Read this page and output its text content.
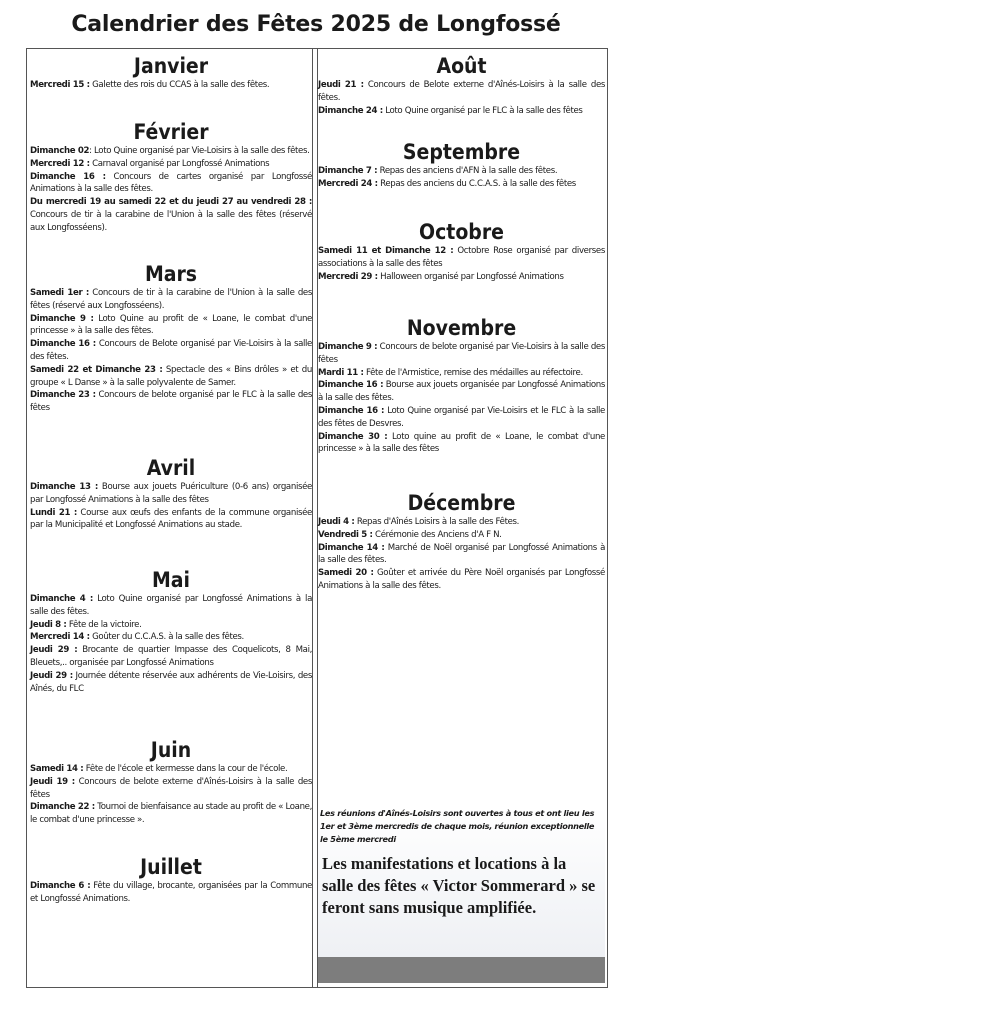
Calendrier des Fêtes 2025 de Longfossé
Janvier

Mercredi 15 : Galette des rois du CCAS à la salle des fêtes.

Février

Dimanche 02: Loto Quine organisé par Vie-Loisirs à la salle des fêtes.

Mercredi 12 : Carnaval organisé par Longfossé Animations

Dimanche 16 : Concours de cartes organisé par Longfossé Animations à la salle des fêtes.

Du mercredi 19 au samedi 22 et du jeudi 27 au vendredi 28 : Concours de tir à la carabine de l'Union à la salle des fêtes (réservé aux Longfosséens).

Mars

Samedi 1er : Concours de tir à la carabine de l'Union à la salle des fêtes (réservé aux Longfosséens).

Dimanche 9 : Loto Quine au profit de « Loane, le combat d'une princesse » à la salle des fêtes.

Dimanche 16 : Concours de Belote organisé par Vie-Loisirs à la salle des fêtes.

Samedi 22 et Dimanche 23 : Spectacle des « Bins drôles » et du groupe « L Danse » à la salle polyvalente de Samer.

Dimanche 23 : Concours de belote organisé par le FLC à la salle des fêtes

Avril

Dimanche 13 : Bourse aux jouets Puériculture (0-6 ans) organisée par Longfossé Animations à la salle des fêtes

Lundi 21 : Course aux œufs des enfants de la commune organisée par la Municipalité et Longfossé Animations au stade.

Mai

Dimanche 4 : Loto Quine organisé par Longfossé Animations à la salle des fêtes.

Jeudi 8 : Fête de la victoire.

Mercredi 14 : Goûter du C.C.A.S. à la salle des fêtes.

Jeudi 29 : Brocante de quartier Impasse des Coquelicots, 8 Mai, Bleuets,.. organisée par Longfossé Animations

Jeudi 29 : Journée détente réservée aux adhérents de Vie-Loisirs, des Aînés, du FLC

Juin

Samedi 14 : Fête de l'école et kermesse dans la cour de l'école.

Jeudi 19 : Concours de belote externe d'Aînés-Loisirs à la salle des fêtes

Dimanche 22 : Tournoi de bienfaisance au stade au profit de « Loane, le combat d'une princesse ».

Juillet

Dimanche 6 : Fête du village, brocante, organisées par la Commune et Longfossé Animations.

Les réunions d'Aînés-Loisirs sont ouvertes à tous et ont lieu les 1er et 3ème mercredis de chaque mois, réunion exceptionnelle le 5ème mercredi
Les manifestations et locations à la salle des fêtes « Victor Sommerard » se feront sans musique amplifiée.
Août

Jeudi 21 : Concours de Belote externe d'Aînés-Loisirs à la salle des fêtes.

Dimanche 24 : Loto Quine organisé par le FLC à la salle des fêtes

Septembre

Dimanche 7 : Repas des anciens d'AFN à la salle des fêtes.

Mercredi 24 : Repas des anciens du C.C.A.S. à la salle des fêtes

Octobre

Samedi 11 et Dimanche 12 : Octobre Rose organisé par diverses associations à la salle des fêtes

Mercredi 29 : Halloween organisé par Longfossé Animations

Novembre

Dimanche 9 : Concours de belote organisé par Vie-Loisirs à la salle des fêtes

Mardi 11 : Fête de l'Armistice, remise des médailles au réfectoire.

Dimanche 16 : Bourse aux jouets organisée par Longfossé Animations à la salle des fêtes.

Dimanche 16 : Loto Quine organisé par Vie-Loisirs et le FLC à la salle des fêtes de Desvres.

Dimanche 30 : Loto quine au profit de « Loane, le combat d'une princesse » à la salle des fêtes

Décembre

Jeudi 4 : Repas d'Aînés Loisirs à la salle des Fêtes.

Vendredi 5 : Cérémonie des Anciens d'A F N.

Dimanche 14 : Marché de Noël organisé par Longfossé Animations à la salle des fêtes.

Samedi 20 : Goûter et arrivée du Père Noël organisés par Longfossé Animations à la salle des fêtes.
